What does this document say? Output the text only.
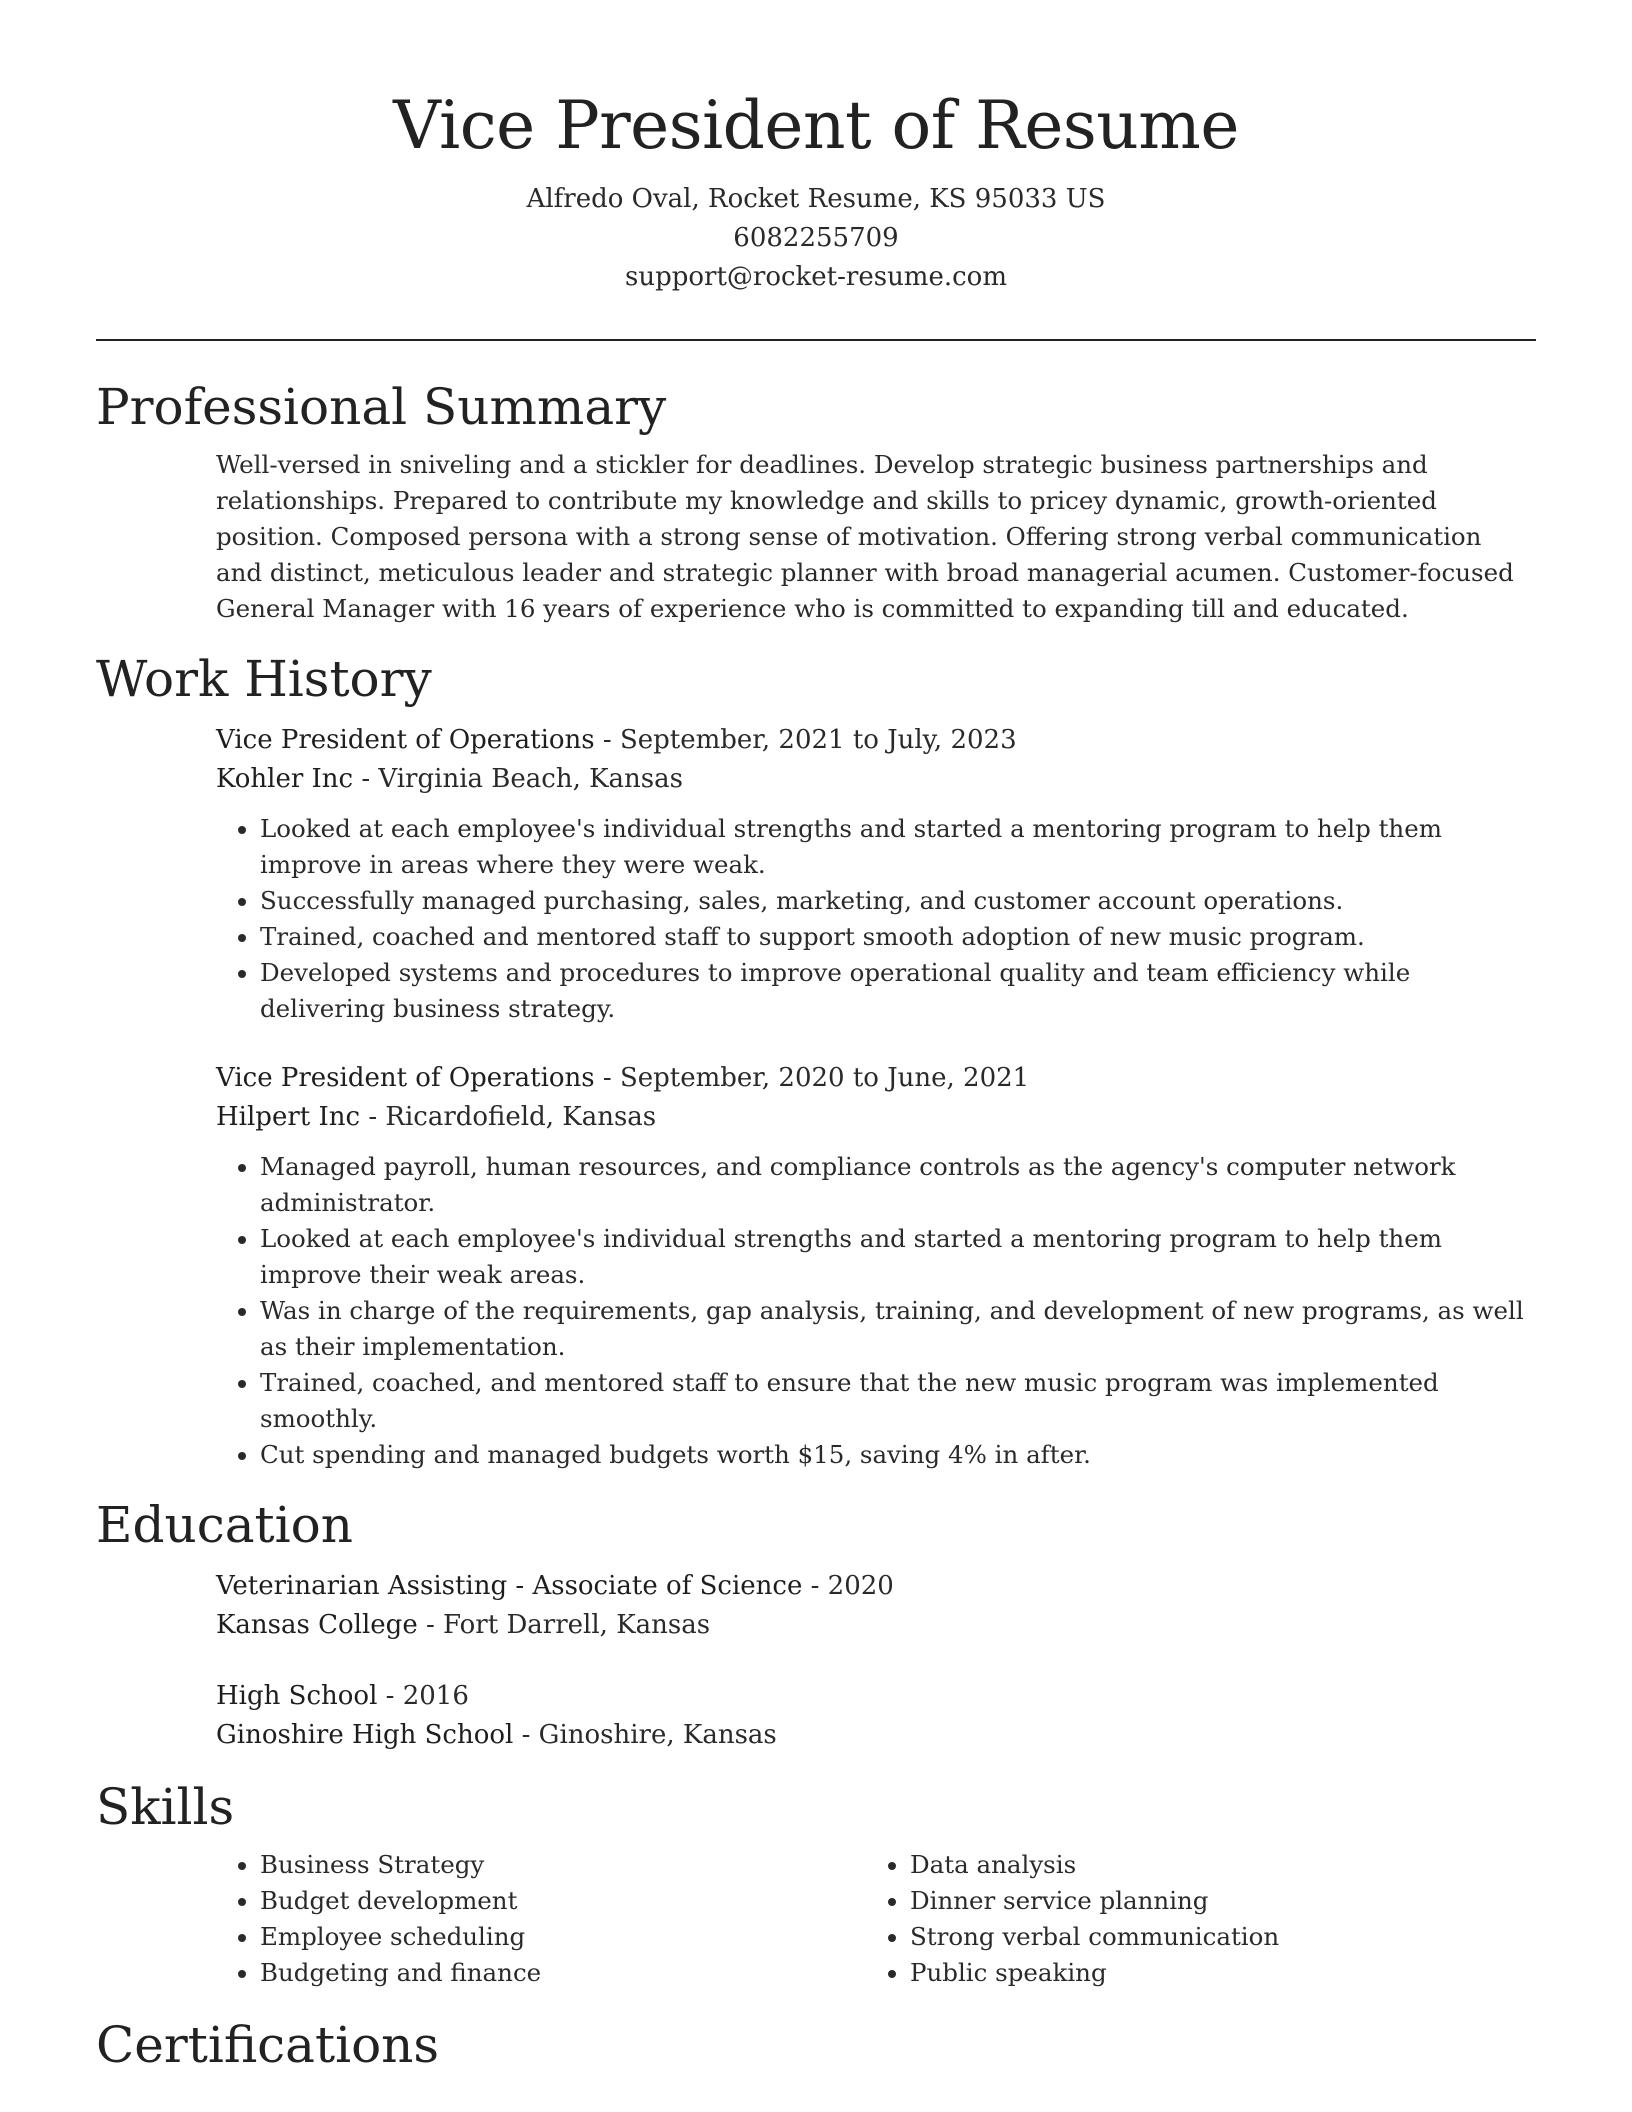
Vice President of Resume
Alfredo Oval, Rocket Resume, KS 95033 US
6082255709
support@rocket-resume.com
Professional Summary

Well-versed in sniveling and a stickler for deadlines. Develop strategic business partnerships and relationships. Prepared to contribute my knowledge and skills to pricey dynamic, growth-oriented position. Composed persona with a strong sense of motivation. Offering strong verbal communication and distinct, meticulous leader and strategic planner with broad managerial acumen. Customer-focused General Manager with 16 years of experience who is committed to expanding till and educated.

Work History
Vice President of Operations - September, 2021 to July, 2023
Kohler Inc - Virginia Beach, Kansas
• Looked at each employee's individual strengths and started a mentoring program to help them improve in areas where they were weak.
• Successfully managed purchasing, sales, marketing, and customer account operations.
• Trained, coached and mentored staff to support smooth adoption of new music program.
• Developed systems and procedures to improve operational quality and team efficiency while delivering business strategy.
Vice President of Operations - September, 2020 to June, 2021
Hilpert Inc - Ricardofield, Kansas
• Managed payroll, human resources, and compliance controls as the agency's computer network administrator.
• Looked at each employee's individual strengths and started a mentoring program to help them improve their weak areas.
• Was in charge of the requirements, gap analysis, training, and development of new programs, as well as their implementation.
• Trained, coached, and mentored staff to ensure that the new music program was implemented smoothly.
• Cut spending and managed budgets worth $15, saving 4% in after.
Education
Veterinarian Assisting - Associate of Science - 2020
Kansas College - Fort Darrell, Kansas
High School - 2016
Ginoshire High School - Ginoshire, Kansas
Skills
• Business Strategy
• Budget development
• Employee scheduling
• Budgeting and finance
• Data analysis
• Dinner service planning
• Strong verbal communication
• Public speaking
Certifications
